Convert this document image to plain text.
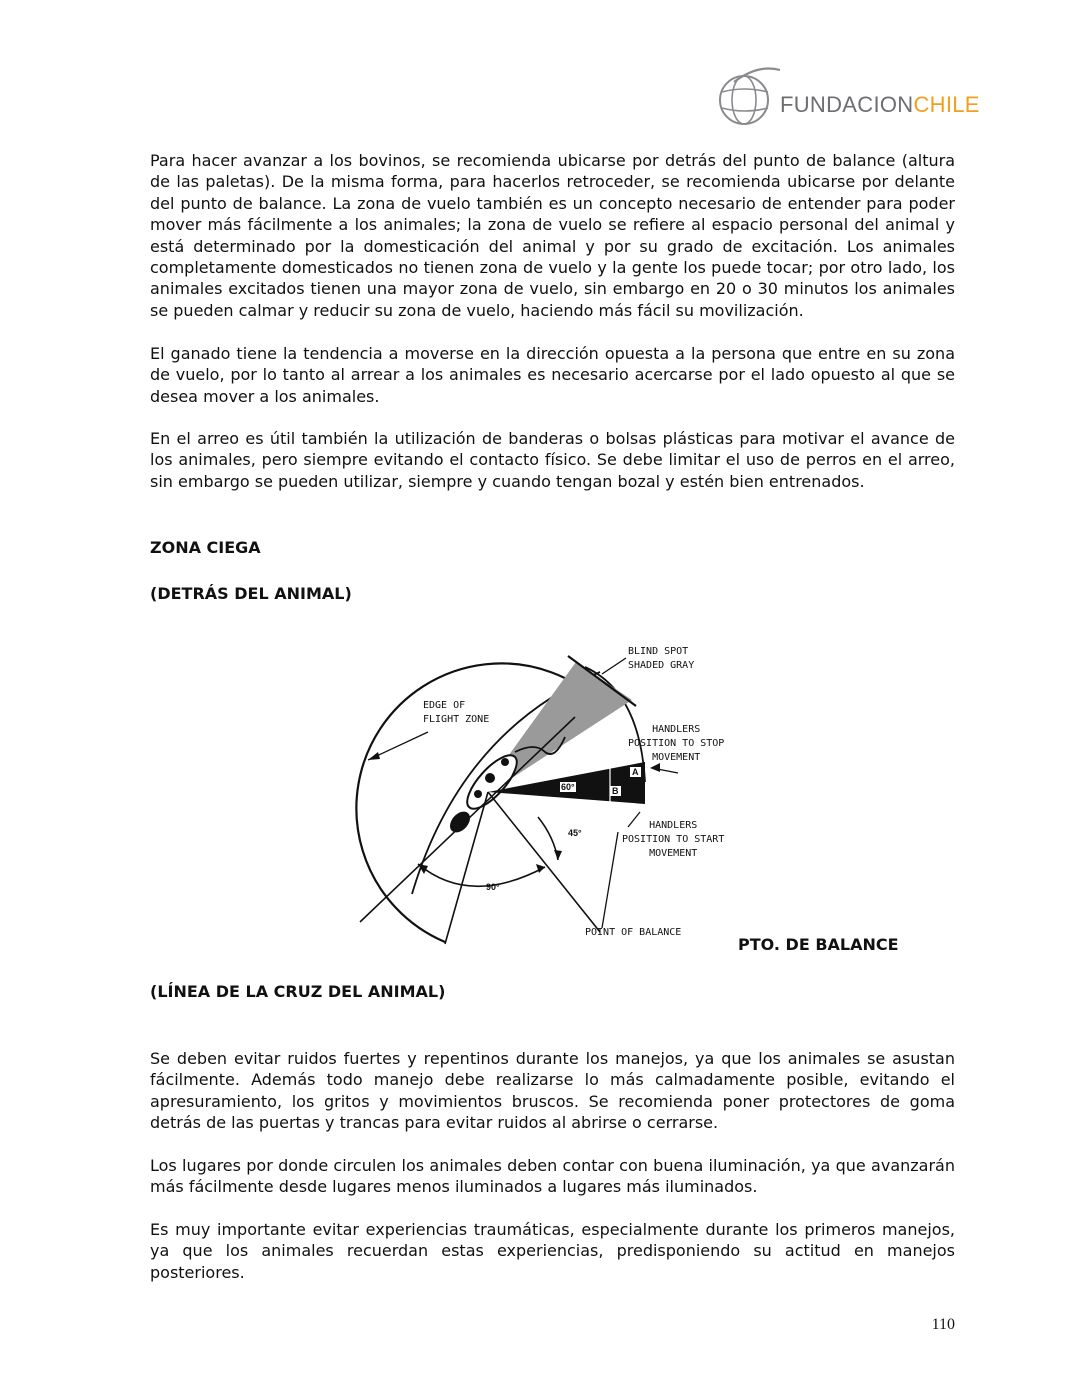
FUNDACIONCHILE

Para hacer avanzar a los bovinos, se recomienda ubicarse por detrás del punto de balance (altura de las paletas). De la misma forma, para hacerlos retroceder, se recomienda ubicarse por delante del punto de balance. La zona de vuelo también es un concepto necesario de entender para poder mover más fácilmente a los animales; la zona de vuelo se refiere al espacio personal del animal y está determinado por la domesticación del animal y por su grado de excitación. Los animales completamente domesticados no tienen zona de vuelo y la gente los puede tocar; por otro lado, los animales excitados tienen una mayor zona de vuelo, sin embargo en 20 o 30 minutos los animales se pueden calmar y reducir su zona de vuelo, haciendo más fácil su movilización.

El ganado tiene la tendencia a moverse en la dirección opuesta a la persona que entre en su zona de vuelo, por lo tanto al arrear a los animales es necesario acercarse por el lado opuesto al que se desea mover a los animales.

En el arreo es útil también la utilización de banderas o bolsas plásticas para motivar el avance de los animales, pero siempre evitando el contacto físico. Se debe limitar el uso de perros en el arreo, sin embargo se pueden utilizar, siempre y cuando tengan bozal y estén bien entrenados.

ZONA CIEGA

(DETRÁS DEL ANIMAL)

BLIND SPOT
SHADED GRAY

EDGE OF
FLIGHT ZONE

HANDLERS
POSITION TO STOP
MOVEMENT

HANDLERS
POSITION TO START
MOVEMENT

POINT OF BALANCE

60°
45°
90°
A
B

PTO. DE BALANCE

(LÍNEA DE LA CRUZ DEL ANIMAL)

Se deben evitar ruidos fuertes y repentinos durante los manejos, ya que los animales se asustan fácilmente. Además todo manejo debe realizarse lo más calmadamente posible, evitando el apresuramiento, los gritos y movimientos bruscos. Se recomienda poner protectores de goma detrás de las puertas y trancas para evitar ruidos al abrirse o cerrarse.

Los lugares por donde circulen los animales deben contar con buena iluminación, ya que avanzarán más fácilmente desde lugares menos iluminados a lugares más iluminados.

Es muy importante evitar experiencias traumáticas, especialmente durante los primeros manejos, ya que los animales recuerdan estas experiencias, predisponiendo su actitud en manejos posteriores.

110
